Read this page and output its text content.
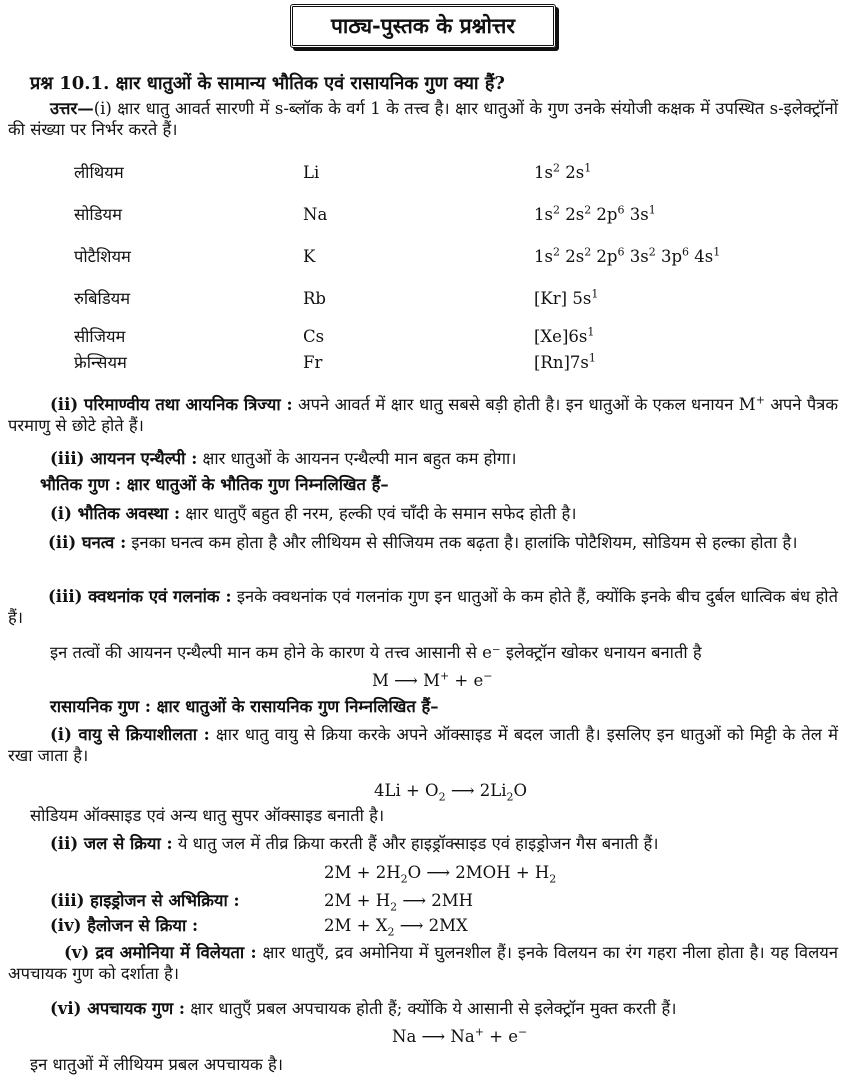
पाठ्य-पुस्तक के प्रश्नोत्तर
प्रश्न 10.1. क्षार धातुओं के सामान्य भौतिक एवं रासायनिक गुण क्या हैं?
उत्तर—(i) क्षार धातु आवर्त सारणी में s-ब्लॉक के वर्ग 1 के तत्त्व है। क्षार धातुओं के गुण उनके संयोजी कक्षक में उपस्थित s-इलेक्ट्रॉनों की संख्या पर निर्भर करते हैं।
लीथियम	Li	$1s^2$ $2s^1$
सोडियम	Na	$1s^2$ $2s^2$ $2p^6$ $3s^1$
पोटैशियम	K	$1s^2$ $2s^2$ $2p^6$ $3s^2$ $3p^6$ $4s^1$
रुबिडियम	Rb	[Kr] $5s^1$
सीजियम	Cs	$[Xe]6s^1$
फ्रेन्सियम	Fr	$[Rn]7s^1$
(ii) परिमाण्वीय तथा आयनिक त्रिज्या : अपने आवर्त में क्षार धातु सबसे बड़ी होती है। इन धातुओं के एकल धनायन M+ अपने पैत्रक परमाणु से छोटे होते हैं।
(iii) आयनन एन्थैल्पी : क्षार धातुओं के आयनन एन्थैल्पी मान बहुत कम होगा।
भौतिक गुण : क्षार धातुओं के भौतिक गुण निम्नलिखित हैं–
(i) भौतिक अवस्था : क्षार धातुएँ बहुत ही नरम, हल्की एवं चाँदी के समान सफेद होती है।
(ii) घनत्व : इनका घनत्व कम होता है और लीथियम से सीजियम तक बढ़ता है। हालांकि पोटैशियम, सोडियम से हल्का होता है।
(iii) क्वथनांक एवं गलनांक : इनके क्वथनांक एवं गलनांक गुण इन धातुओं के कम होते हैं, क्योंकि इनके बीच दुर्बल धात्विक बंध होते हैं।
इन तत्वों की आयनन एन्थैल्पी मान कम होने के कारण ये तत्त्व आसानी से e⁻ इलेक्ट्रॉन खोकर धनायन बनाती है
M ⟶ M+ + e−
रासायनिक गुण : क्षार धातुओं के रासायनिक गुण निम्नलिखित हैं–
(i) वायु से क्रियाशीलता : क्षार धातु वायु से क्रिया करके अपने ऑक्साइड में बदल जाती है। इसलिए इन धातुओं को मिट्टी के तेल में रखा जाता है।
$4Li + O_2$ ⟶ $2Li_2O$
सोडियम ऑक्साइड एवं अन्य धातु सुपर ऑक्साइड बनाती है।
(ii) जल से क्रिया : ये धातु जल में तीव्र क्रिया करती हैं और हाइड्रॉक्साइड एवं हाइड्रोजन गैस बनाती हैं।
$2M + 2H_2O$ ⟶ $2MOH + H_2$
(iii) हाइड्रोजन से अभिक्रिया :	$2M + H_2$ ⟶ 2MH
(iv) हैलोजन से क्रिया :	$2M + X_2$ ⟶ 2MX
(v) द्रव अमोनिया में विलेयता : क्षार धातुएँ, द्रव अमोनिया में घुलनशील हैं। इनके विलयन का रंग गहरा नीला होता है। यह विलयन अपचायक गुण को दर्शाता है।
(vi) अपचायक गुण : क्षार धातुएँ प्रबल अपचायक होती हैं; क्योंकि ये आसानी से इलेक्ट्रॉन मुक्त करती हैं।
Na ⟶ Na+ + e−
इन धातुओं में लीथियम प्रबल अपचायक है।
